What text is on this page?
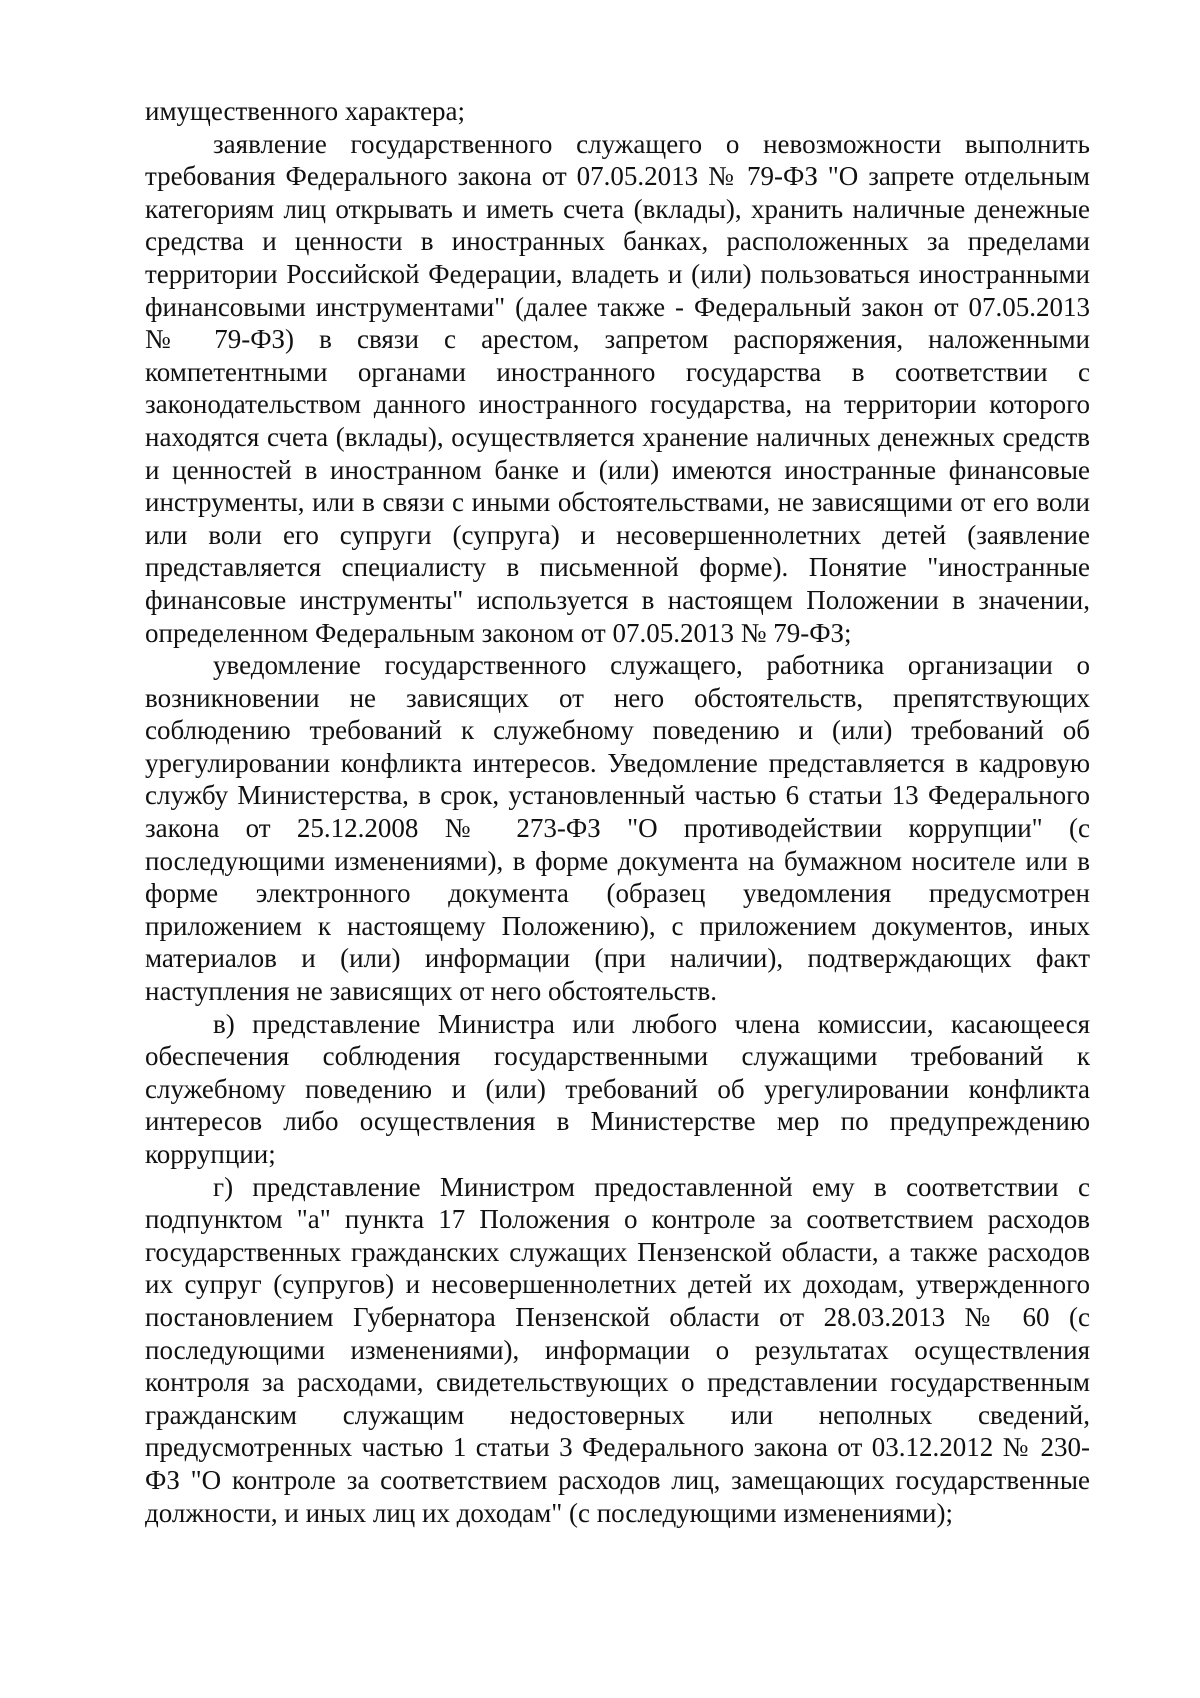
имущественного характера;

заявление государственного служащего о невозможности выполнить требования Федерального закона от 07.05.2013 № 79-ФЗ "О запрете отдельным категориям лиц открывать и иметь счета (вклады), хранить наличные денежные средства и ценности в иностранных банках, расположенных за пределами территории Российской Федерации, владеть и (или) пользоваться иностранными финансовыми инструментами" (далее также - Федеральный закон от 07.05.2013 № 79-ФЗ) в связи с арестом, запретом распоряжения, наложенными компетентными органами иностранного государства в соответствии с законодательством данного иностранного государства, на территории которого находятся счета (вклады), осуществляется хранение наличных денежных средств и ценностей в иностранном банке и (или) имеются иностранные финансовые инструменты, или в связи с иными обстоятельствами, не зависящими от его воли или воли его супруги (супруга) и несовершеннолетних детей (заявление представляется специалисту в письменной форме). Понятие "иностранные финансовые инструменты" используется в настоящем Положении в значении, определенном Федеральным законом от 07.05.2013 № 79-ФЗ;

уведомление государственного служащего, работника организации о возникновении не зависящих от него обстоятельств, препятствующих соблюдению требований к служебному поведению и (или) требований об урегулировании конфликта интересов. Уведомление представляется в кадровую службу Министерства, в срок, установленный частью 6 статьи 13 Федерального закона от 25.12.2008 № 273-ФЗ "О противодействии коррупции" (с последующими изменениями), в форме документа на бумажном носителе или в форме электронного документа (образец уведомления предусмотрен приложением к настоящему Положению), с приложением документов, иных материалов и (или) информации (при наличии), подтверждающих факт наступления не зависящих от него обстоятельств.

в) представление Министра или любого члена комиссии, касающееся обеспечения соблюдения государственными служащими требований к служебному поведению и (или) требований об урегулировании конфликта интересов либо осуществления в Министерстве мер по предупреждению коррупции;

г) представление Министром предоставленной ему в соответствии с подпунктом "а" пункта 17 Положения о контроле за соответствием расходов государственных гражданских служащих Пензенской области, а также расходов их супруг (супругов) и несовершеннолетних детей их доходам, утвержденного постановлением Губернатора Пензенской области от 28.03.2013 № 60 (с последующими изменениями), информации о результатах осуществления контроля за расходами, свидетельствующих о представлении государственным гражданским служащим недостоверных или неполных сведений, предусмотренных частью 1 статьи 3 Федерального закона от 03.12.2012 № 230-ФЗ "О контроле за соответствием расходов лиц, замещающих государственные должности, и иных лиц их доходам" (с последующими изменениями);
